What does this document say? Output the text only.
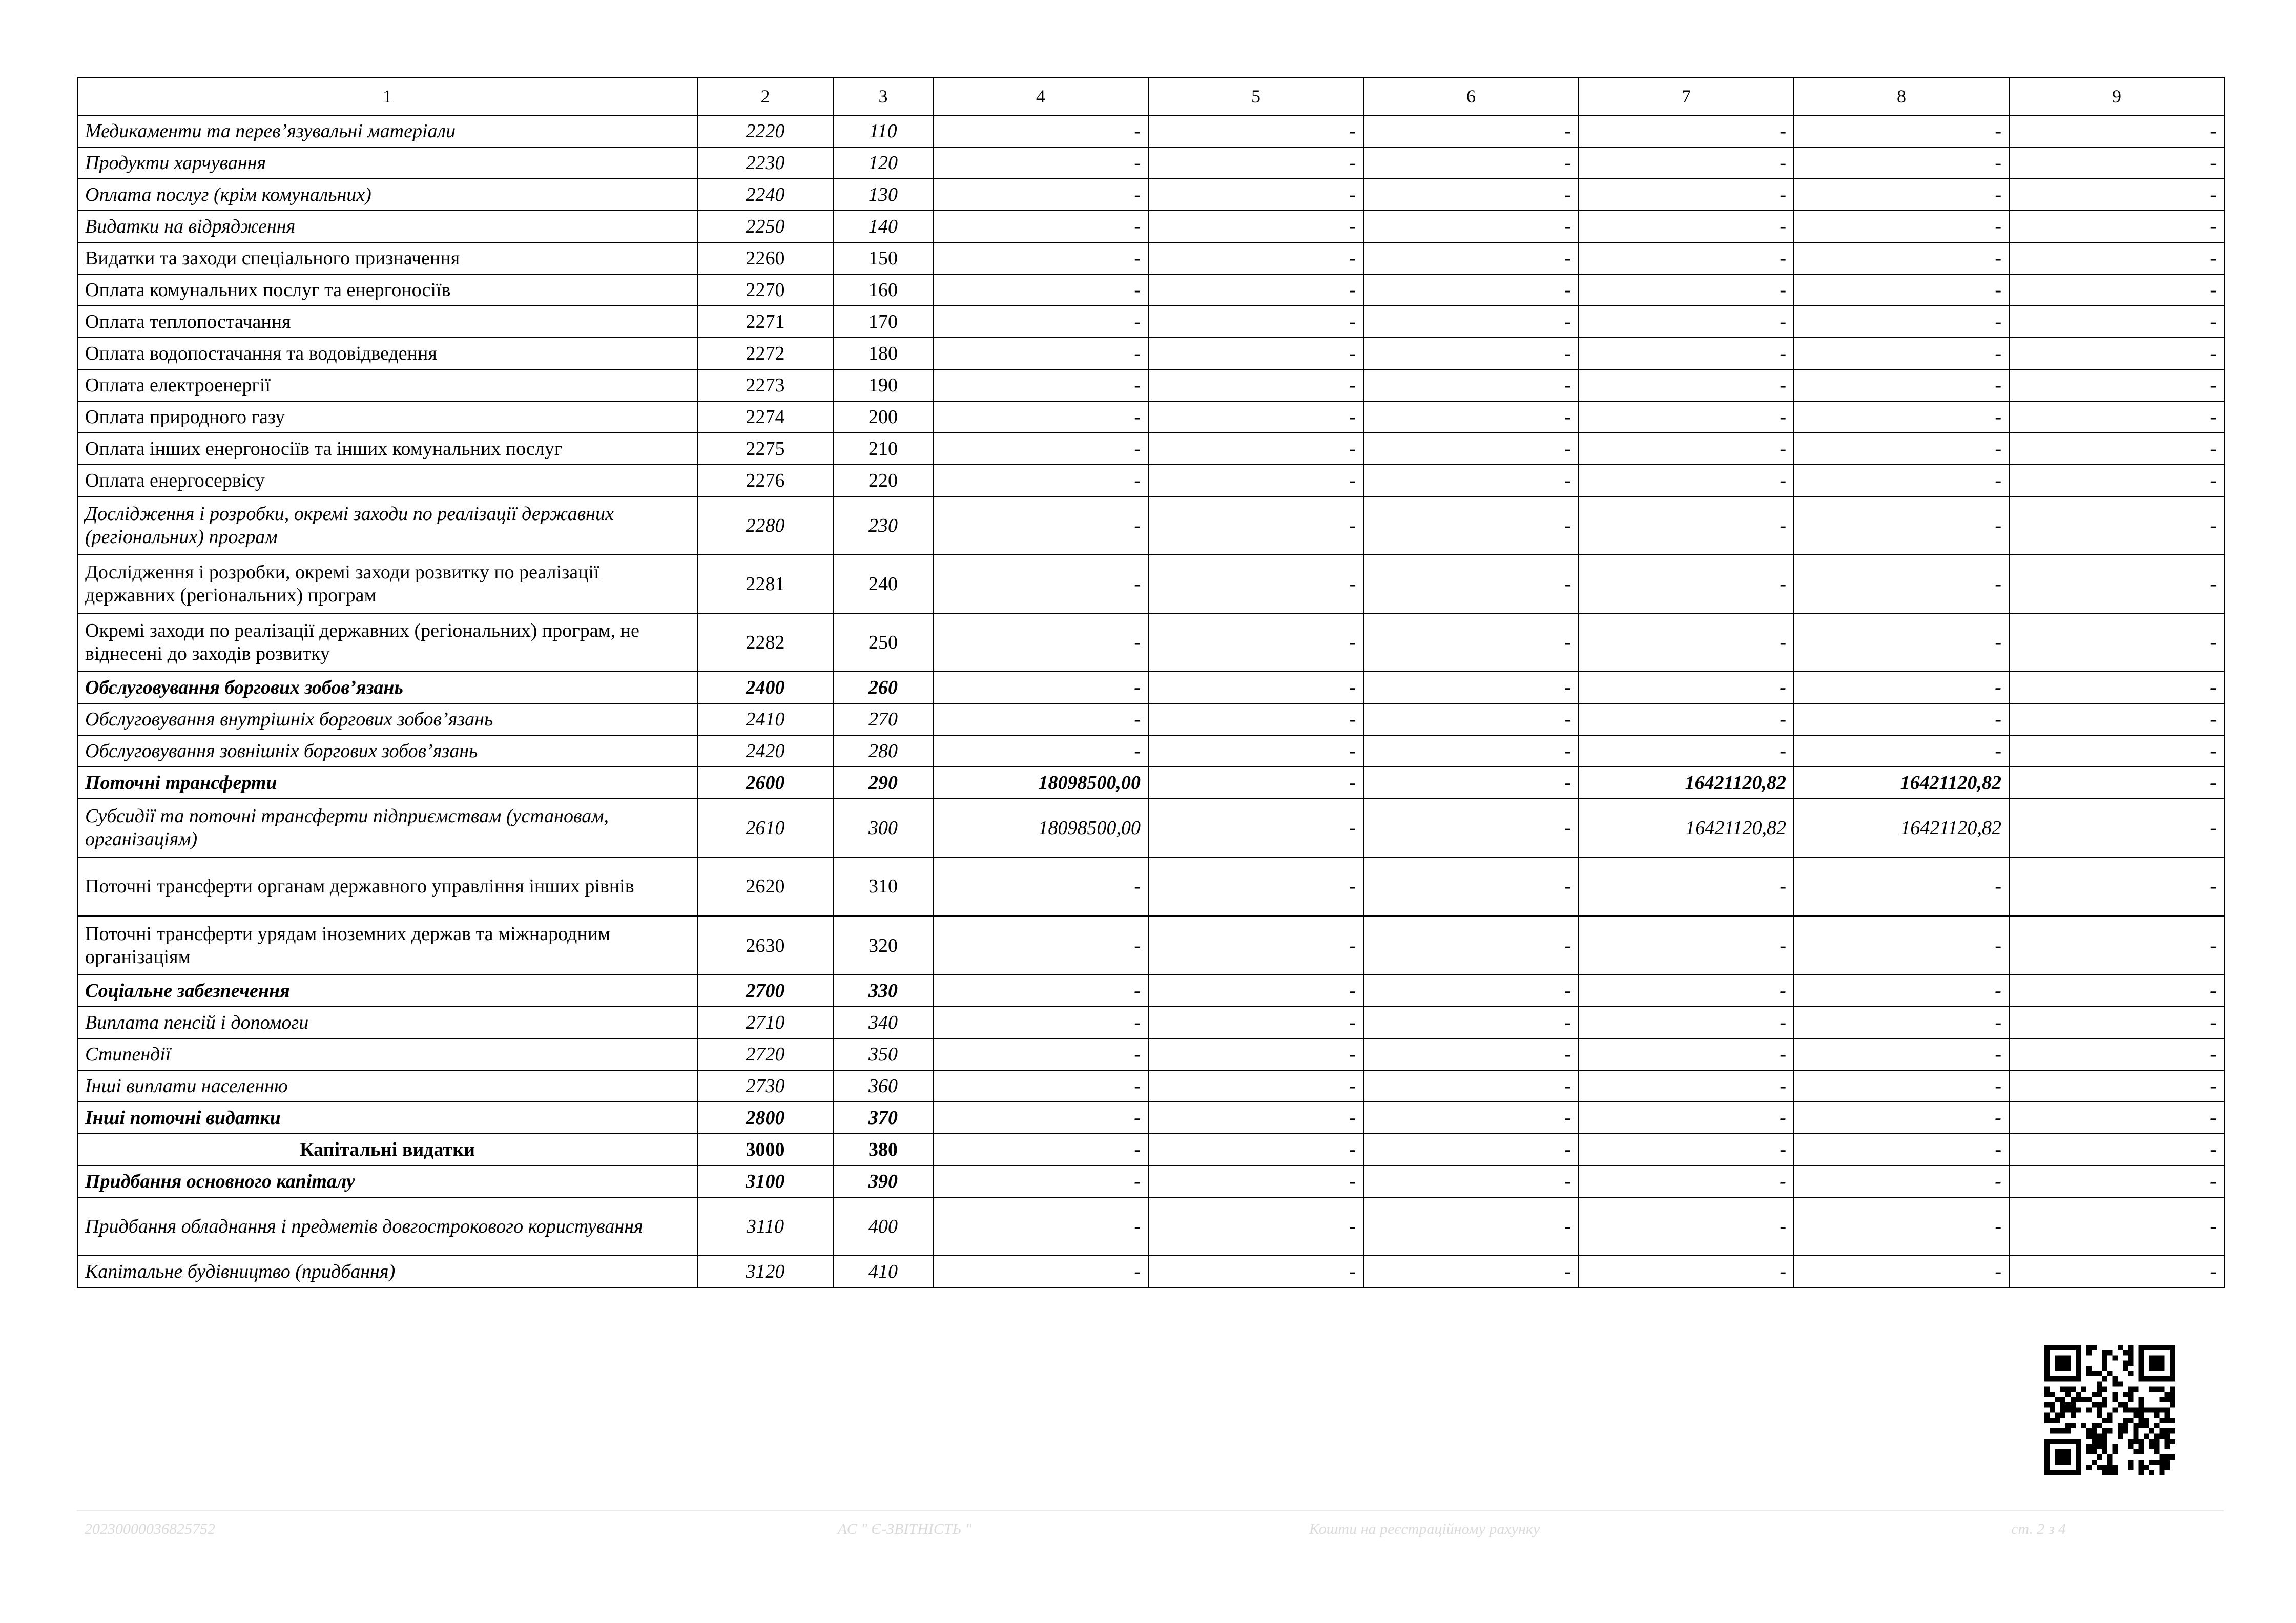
1	2	3	4	5	6	7	8	9
Медикаменти та перев’язувальні матеріали	2220	110	-	-	-	-	-	-
Продукти харчування	2230	120	-	-	-	-	-	-
Оплата послуг (крім комунальних)	2240	130	-	-	-	-	-	-
Видатки на відрядження	2250	140	-	-	-	-	-	-
Видатки та заходи спеціального призначення	2260	150	-	-	-	-	-	-
Оплата комунальних послуг та енергоносіїв	2270	160	-	-	-	-	-	-
Оплата теплопостачання	2271	170	-	-	-	-	-	-
Оплата водопостачання та водовідведення	2272	180	-	-	-	-	-	-
Оплата електроенергії	2273	190	-	-	-	-	-	-
Оплата природного газу	2274	200	-	-	-	-	-	-
Оплата інших енергоносіїв та інших комунальних послуг	2275	210	-	-	-	-	-	-
Оплата енергосервісу	2276	220	-	-	-	-	-	-
Дослідження і розробки, окремі заходи по реалізації державних (регіональних) програм	2280	230	-	-	-	-	-	-
Дослідження і розробки, окремі заходи розвитку по реалізації державних (регіональних) програм	2281	240	-	-	-	-	-	-
Окремі заходи по реалізації державних (регіональних) програм, не віднесені до заходів розвитку	2282	250	-	-	-	-	-	-
Обслуговування боргових зобов’язань	2400	260	-	-	-	-	-	-
Обслуговування внутрішніх боргових зобов’язань	2410	270	-	-	-	-	-	-
Обслуговування зовнішніх боргових зобов’язань	2420	280	-	-	-	-	-	-
Поточні трансферти	2600	290	18098500,00	-	-	16421120,82	16421120,82	-
Субсидії та поточні трансферти підприємствам (установам, організаціям)	2610	300	18098500,00	-	-	16421120,82	16421120,82	-
Поточні трансферти органам державного управління інших рівнів	2620	310	-	-	-	-	-	-
Поточні трансферти урядам іноземних держав та міжнародним організаціям	2630	320	-	-	-	-	-	-
Соціальне забезпечення	2700	330	-	-	-	-	-	-
Виплата пенсій і допомоги	2710	340	-	-	-	-	-	-
Стипендії	2720	350	-	-	-	-	-	-
Інші виплати населенню	2730	360	-	-	-	-	-	-
Інші поточні видатки	2800	370	-	-	-	-	-	-
Капітальні видатки	3000	380	-	-	-	-	-	-
Придбання основного капіталу	3100	390	-	-	-	-	-	-
Придбання обладнання і предметів довгострокового користування	3110	400	-	-	-	-	-	-
Капітальне будівництво (придбання)	3120	410	-	-	-	-	-	-
20230000036825752	АС " Є-ЗВІТНІСТЬ "	Кошти на реєстраційному рахунку	ст. 2 з 4
